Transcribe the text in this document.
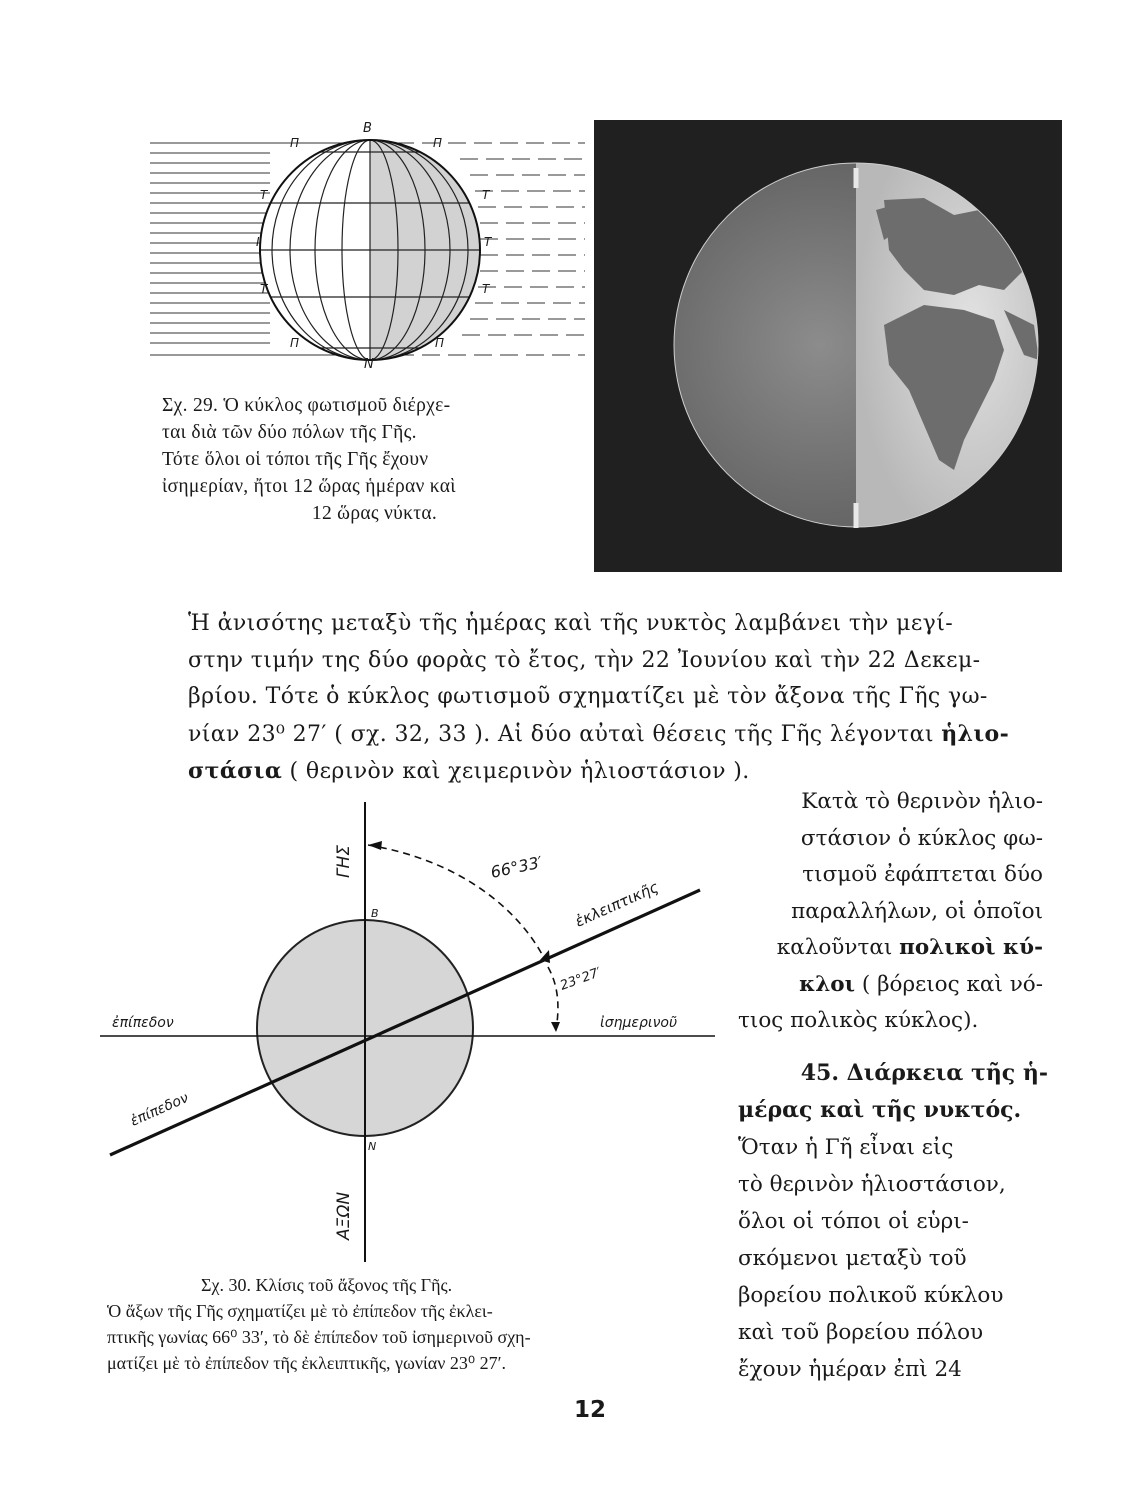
B
N
Π	Π
T	T
I	T
T	T
Π	Π
Σχ. 29. Ὁ κύκλος φωτισμοῦ διέρχε-
ται διὰ τῶν δύο πόλων τῆς Γῆς.
Τότε ὅλοι οἱ τόποι τῆς Γῆς ἔχουν
ἰσημερίαν, ἤτοι 12 ὥρας ἡμέραν καὶ
12 ὥρας νύκτα.
Ἡ ἀνισότης μεταξὺ τῆς ἡμέρας καὶ τῆς νυκτὸς λαμβάνει τὴν μεγί-
στην τιμήν της δύο φορὰς τὸ ἔτος, τὴν 22 Ἰουνίου καὶ τὴν 22 Δεκεμ-
βρίου. Τότε ὁ κύκλος φωτισμοῦ σχηματίζει μὲ τὸν ἄξονα τῆς Γῆς γω-
νίαν 23⁰ 27′ ( σχ. 32, 33 ). Αἱ δύο αὐταὶ θέσεις τῆς Γῆς λέγονται ἡλιο-
στάσια ( θερινὸν καὶ χειμερινὸν ἡλιοστάσιον ).
Κατὰ τὸ θερινὸν ἡλιο-
στάσιον ὁ κύκλος φω-
τισμοῦ ἐφάπτεται δύο
παραλλήλων, οἱ ὁποῖοι
καλοῦνται πολικοὶ κύ-
κλοι ( βόρειος καὶ νό-
τιος πολικὸς κύκλος).
45. Διάρκεια τῆς ἡ-
μέρας καὶ τῆς νυκτός.
Ὅταν ἡ Γῆ εἶναι εἰς
τὸ θερινὸν ἡλιοστάσιον,
ὅλοι οἱ τόποι οἱ εὑρι-
σκόμενοι μεταξὺ τοῦ
βορείου πολικοῦ κύκλου
καὶ τοῦ βορείου πόλου
ἔχουν ἡμέραν ἐπὶ 24
ΓΗΣ
ΑΞΩΝ
Β
Ν
66°33′
23°27′
ἐκλειπτικῆς
ἐπίπεδον
ἐπίπεδον
ἰσημερινοῦ
Σχ. 30. Κλίσις τοῦ ἄξονος τῆς Γῆς.
Ὁ ἄξων τῆς Γῆς σχηματίζει μὲ τὸ ἐπίπεδον τῆς ἐκλει-
πτικῆς γωνίας 66⁰ 33′, τὸ δὲ ἐπίπεδον τοῦ ἰσημερινοῦ σχη-
ματίζει μὲ τὸ ἐπίπεδον τῆς ἐκλειπτικῆς, γωνίαν 23⁰ 27′.
12
